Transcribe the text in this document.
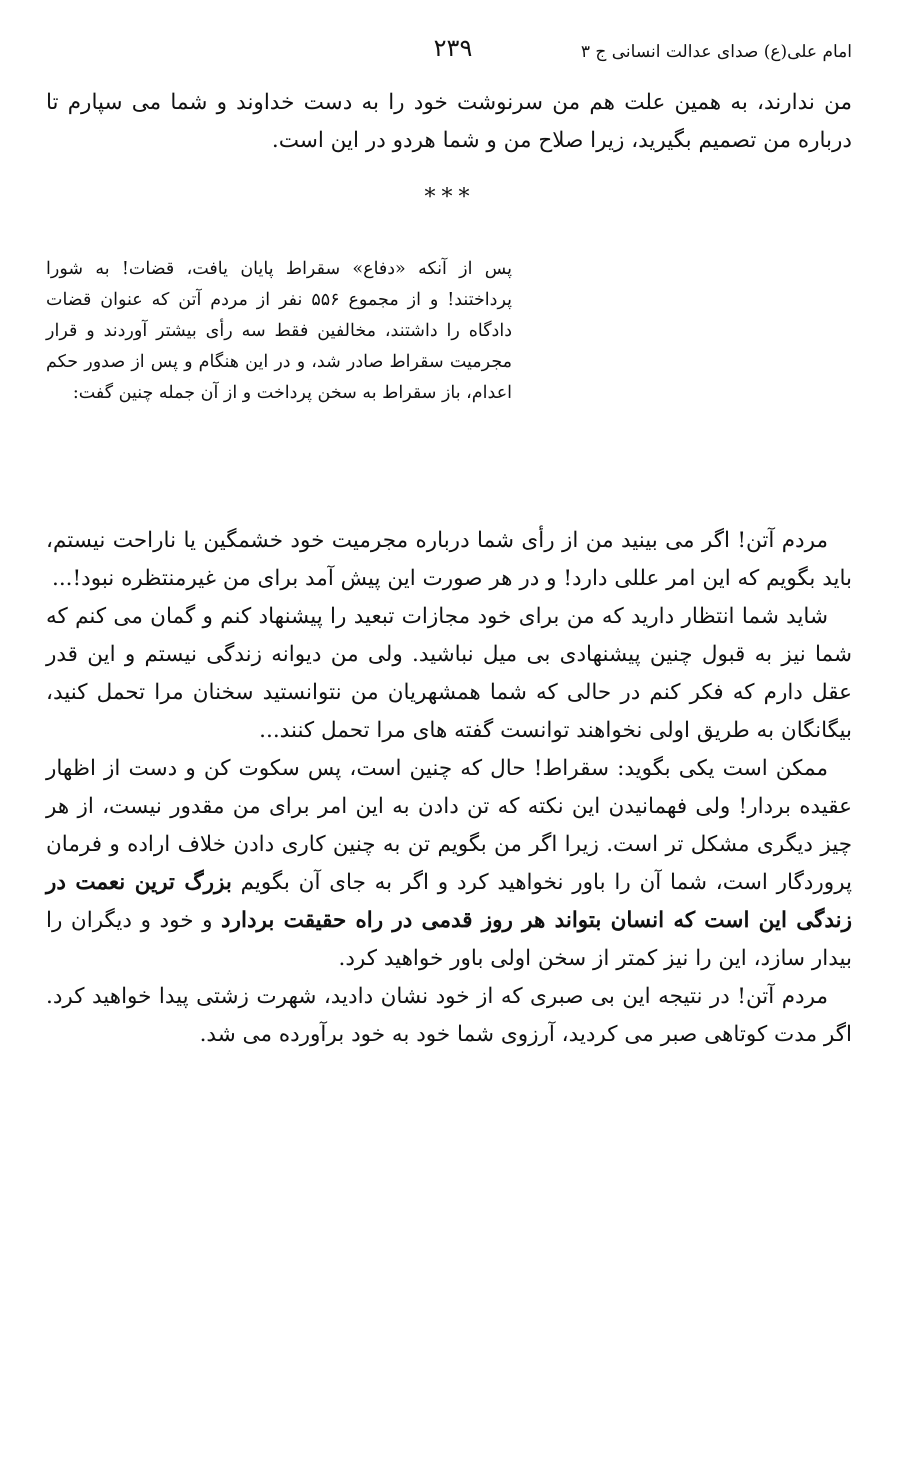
امام علی(ع) صدای عدالت انسانی ج ۳
۲۳۹

من ندارند، به همین علت هم من سرنوشت خود را به دست خداوند و شما می سپارم تا درباره من تصمیم بگیرید، زیرا صلاح من و شما هردو در این است.

***

پس از آنکه «دفاع» سقراط پایان یافت، قضات! به شورا پرداختند! و از مجموع ۵۵۶ نفر از مردم آتن که عنوان قضات دادگاه را داشتند، مخالفین فقط سه رأی بیشتر آوردند و قرار مجرمیت سقراط صادر شد، و در این هنگام و پس از صدور حکم اعدام، باز سقراط به سخن پرداخت و از آن جمله چنین گفت:

مردم آتن! اگر می بینید من از رأی شما درباره مجرمیت خود خشمگین یا ناراحت نیستم، باید بگویم که این امر عللی دارد! و در هر صورت این پیش آمد برای من غیرمنتظره نبود!...

شاید شما انتظار دارید که من برای خود مجازات تبعید را پیشنهاد کنم و گمان می کنم که شما نیز به قبول چنین پیشنهادی بی میل نباشید. ولی من دیوانه زندگی نیستم و این قدر عقل دارم که فکر کنم در حالی که شما همشهریان من نتوانستید سخنان مرا تحمل کنید، بیگانگان به طریق اولی نخواهند توانست گفته های مرا تحمل کنند...

ممکن است یکی بگوید: سقراط! حال که چنین است، پس سکوت کن و دست از اظهار عقیده بردار! ولی فهمانیدن این نکته که تن دادن به این امر برای من مقدور نیست، از هر چیز دیگری مشکل تر است. زیرا اگر من بگویم تن به چنین کاری دادن خلاف اراده و فرمان پروردگار است، شما آن را باور نخواهید کرد و اگر به جای آن بگویم بزرگ ترین نعمت در زندگی این است که انسان بتواند هر روز قدمی در راه حقیقت بردارد و خود و دیگران را بیدار سازد، این را نیز کمتر از سخن اولی باور خواهید کرد.

مردم آتن! در نتیجه این بی صبری که از خود نشان دادید، شهرت زشتی پیدا خواهید کرد. اگر مدت کوتاهی صبر می کردید، آرزوی شما خود به خود برآورده می شد.
